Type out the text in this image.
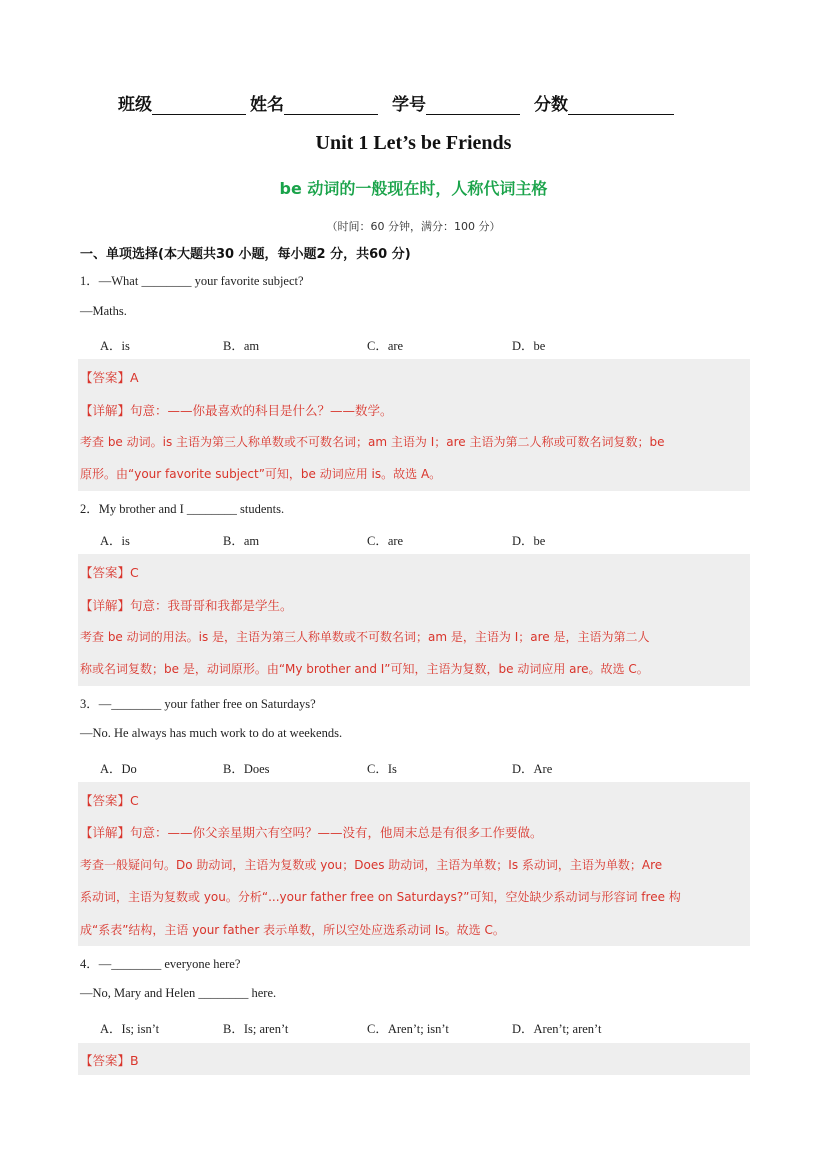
班级	姓名	学号	分数
Unit 1 Let’s be Friends
be 动词的一般现在时，人称代词主格
（时间：60 分钟，满分：100 分）
一、单项选择(本大题共30 小题，每小题2 分，共60 分)
1．—What ________ your favorite subject?
—Maths.
A．is	B．am	C．are	D．be
【答案】A
【详解】句意：——你最喜欢的科目是什么？——数学。
考查 be 动词。is 主语为第三人称单数或不可数名词；am 主语为 I；are 主语为第二人称或可数名词复数；be
原形。由“your favorite subject”可知，be 动词应用 is。故选 A。
2．My brother and I ________ students.
A．is	B．am	C．are	D．be
【答案】C
【详解】句意：我哥哥和我都是学生。
考查 be 动词的用法。is 是，主语为第三人称单数或不可数名词；am 是，主语为 I；are 是，主语为第二人
称或名词复数；be 是，动词原形。由“My brother and I”可知，主语为复数，be 动词应用 are。故选 C。
3．—________ your father free on Saturdays?
—No. He always has much work to do at weekends.
A．Do	B．Does	C．Is	D．Are
【答案】C
【详解】句意：——你父亲星期六有空吗？——没有，他周末总是有很多工作要做。
考查一般疑问句。Do 助动词，主语为复数或 you；Does 助动词，主语为单数；Is 系动词，主语为单数；Are
系动词，主语为复数或 you。分析“...your father free on Saturdays?”可知，空处缺少系动词与形容词 free 构
成“系表”结构，主语 your father 表示单数，所以空处应选系动词 Is。故选 C。
4．—________ everyone here?
—No, Mary and Helen ________ here.
A．Is; isn’t	B．Is; aren’t	C．Aren’t; isn’t	D．Aren’t; aren’t
【答案】B
